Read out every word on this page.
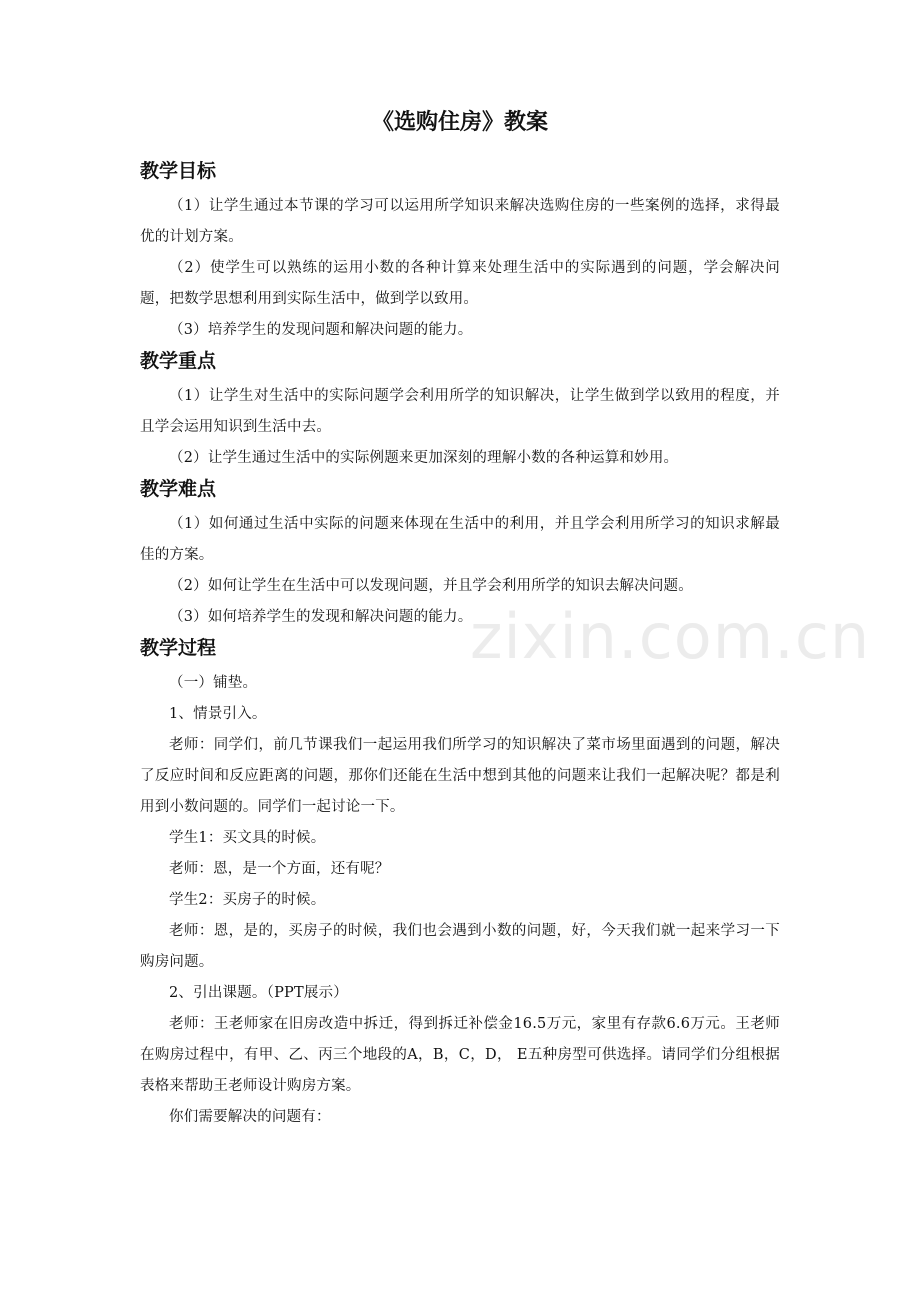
zixin.com.cn
《选购住房》教案
教学目标

（1）让学生通过本节课的学习可以运用所学知识来解决选购住房的一些案例的选择，求得最优的计划方案。

（2）使学生可以熟练的运用小数的各种计算来处理生活中的实际遇到的问题，学会解决问题，把数学思想利用到实际生活中，做到学以致用。

（3）培养学生的发现问题和解决问题的能力。

教学重点

（1）让学生对生活中的实际问题学会利用所学的知识解决，让学生做到学以致用的程度，并且学会运用知识到生活中去。

（2）让学生通过生活中的实际例题来更加深刻的理解小数的各种运算和妙用。

教学难点

（1）如何通过生活中实际的问题来体现在生活中的利用，并且学会利用所学习的知识求解最佳的方案。

（2）如何让学生在生活中可以发现问题，并且学会利用所学的知识去解决问题。

（3）如何培养学生的发现和解决问题的能力。

教学过程

（一）铺垫。

1、情景引入。

老师：同学们，前几节课我们一起运用我们所学习的知识解决了菜市场里面遇到的问题，解决了反应时间和反应距离的问题，那你们还能在生活中想到其他的问题来让我们一起解决呢？都是利用到小数问题的。同学们一起讨论一下。

学生1：买文具的时候。

老师：恩，是一个方面，还有呢？

学生2：买房子的时候。

老师：恩，是的，买房子的时候，我们也会遇到小数的问题，好，今天我们就一起来学习一下购房问题。

2、引出课题。（PPT展示）

老师：王老师家在旧房改造中拆迁，得到拆迁补偿金16.5万元，家里有存款6.6万元。王老师在购房过程中，有甲、乙、丙三个地段的A，B，C，D， E五种房型可供选择。请同学们分组根据表格来帮助王老师设计购房方案。

你们需要解决的问题有：
